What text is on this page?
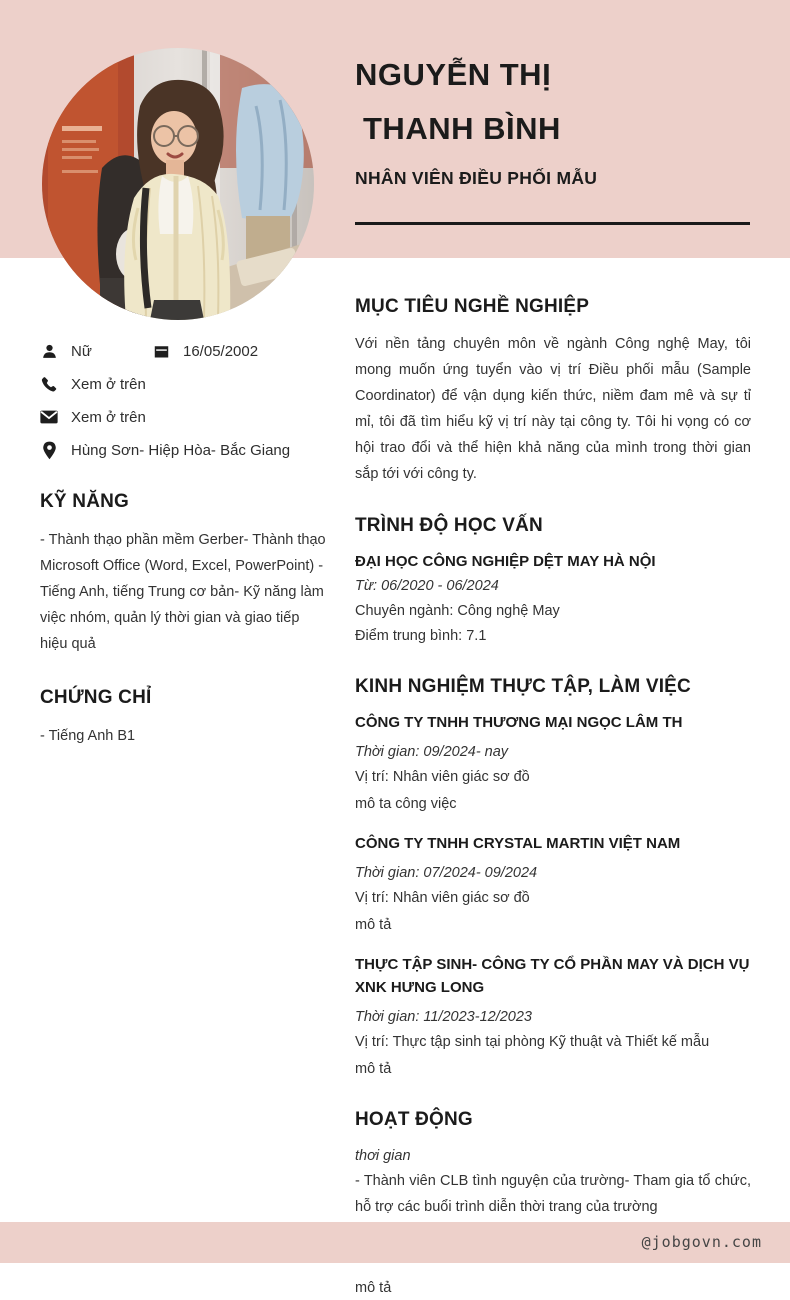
NGUYỄN THỊ
THANH BÌNH
NHÂN VIÊN ĐIỀU PHỐI MẪU
Nữ	16/05/2002
Xem ở trên
Xem ở trên
Hùng Sơn- Hiệp Hòa- Bắc Giang
KỸ NĂNG
- Thành thạo phần mềm Gerber- Thành thạo Microsoft Office (Word, Excel, PowerPoint) - Tiếng Anh, tiếng Trung cơ bản- Kỹ năng làm việc nhóm, quản lý thời gian và giao tiếp hiệu quả
CHỨNG CHỈ
- Tiếng Anh B1
MỤC TIÊU NGHỀ NGHIỆP

Với nền tảng chuyên môn về ngành Công nghệ May, tôi mong muốn ứng tuyển vào vị trí Điều phối mẫu (Sample Coordinator) để vận dụng kiến thức, niềm đam mê và sự tỉ mỉ, tôi đã tìm hiểu kỹ vị trí này tại công ty. Tôi hi vọng có cơ hội trao đổi và thể hiện khả năng của mình trong thời gian sắp tới với công ty.

TRÌNH ĐỘ HỌC VẤN
ĐẠI HỌC CÔNG NGHIỆP DỆT MAY HÀ NỘI
Từ: 06/2020 - 06/2024
Chuyên ngành: Công nghệ May
Điểm trung bình: 7.1
KINH NGHIỆM THỰC TẬP, LÀM VIỆC
CÔNG TY TNHH THƯƠNG MẠI NGỌC LÂM TH
Thời gian: 09/2024- nay
Vị trí: Nhân viên giác sơ đồ
mô ta công việc
CÔNG TY TNHH CRYSTAL MARTIN VIỆT NAM
Thời gian: 07/2024- 09/2024
Vị trí: Nhân viên giác sơ đồ
mô tả
THỰC TẬP SINH- CÔNG TY CỔ PHẦN MAY VÀ DỊCH VỤ XNK HƯNG LONG
Thời gian: 11/2023-12/2023
Vị trí: Thực tập sinh tại phòng Kỹ thuật và Thiết kế mẫu
mô tả
HOẠT ĐỘNG
thơi gian

- Thành viên CLB tình nguyện của trường- Tham gia tổ chức, hỗ trợ các buổi trình diễn thời trang của trường

mô tả
@jobgovn.com
